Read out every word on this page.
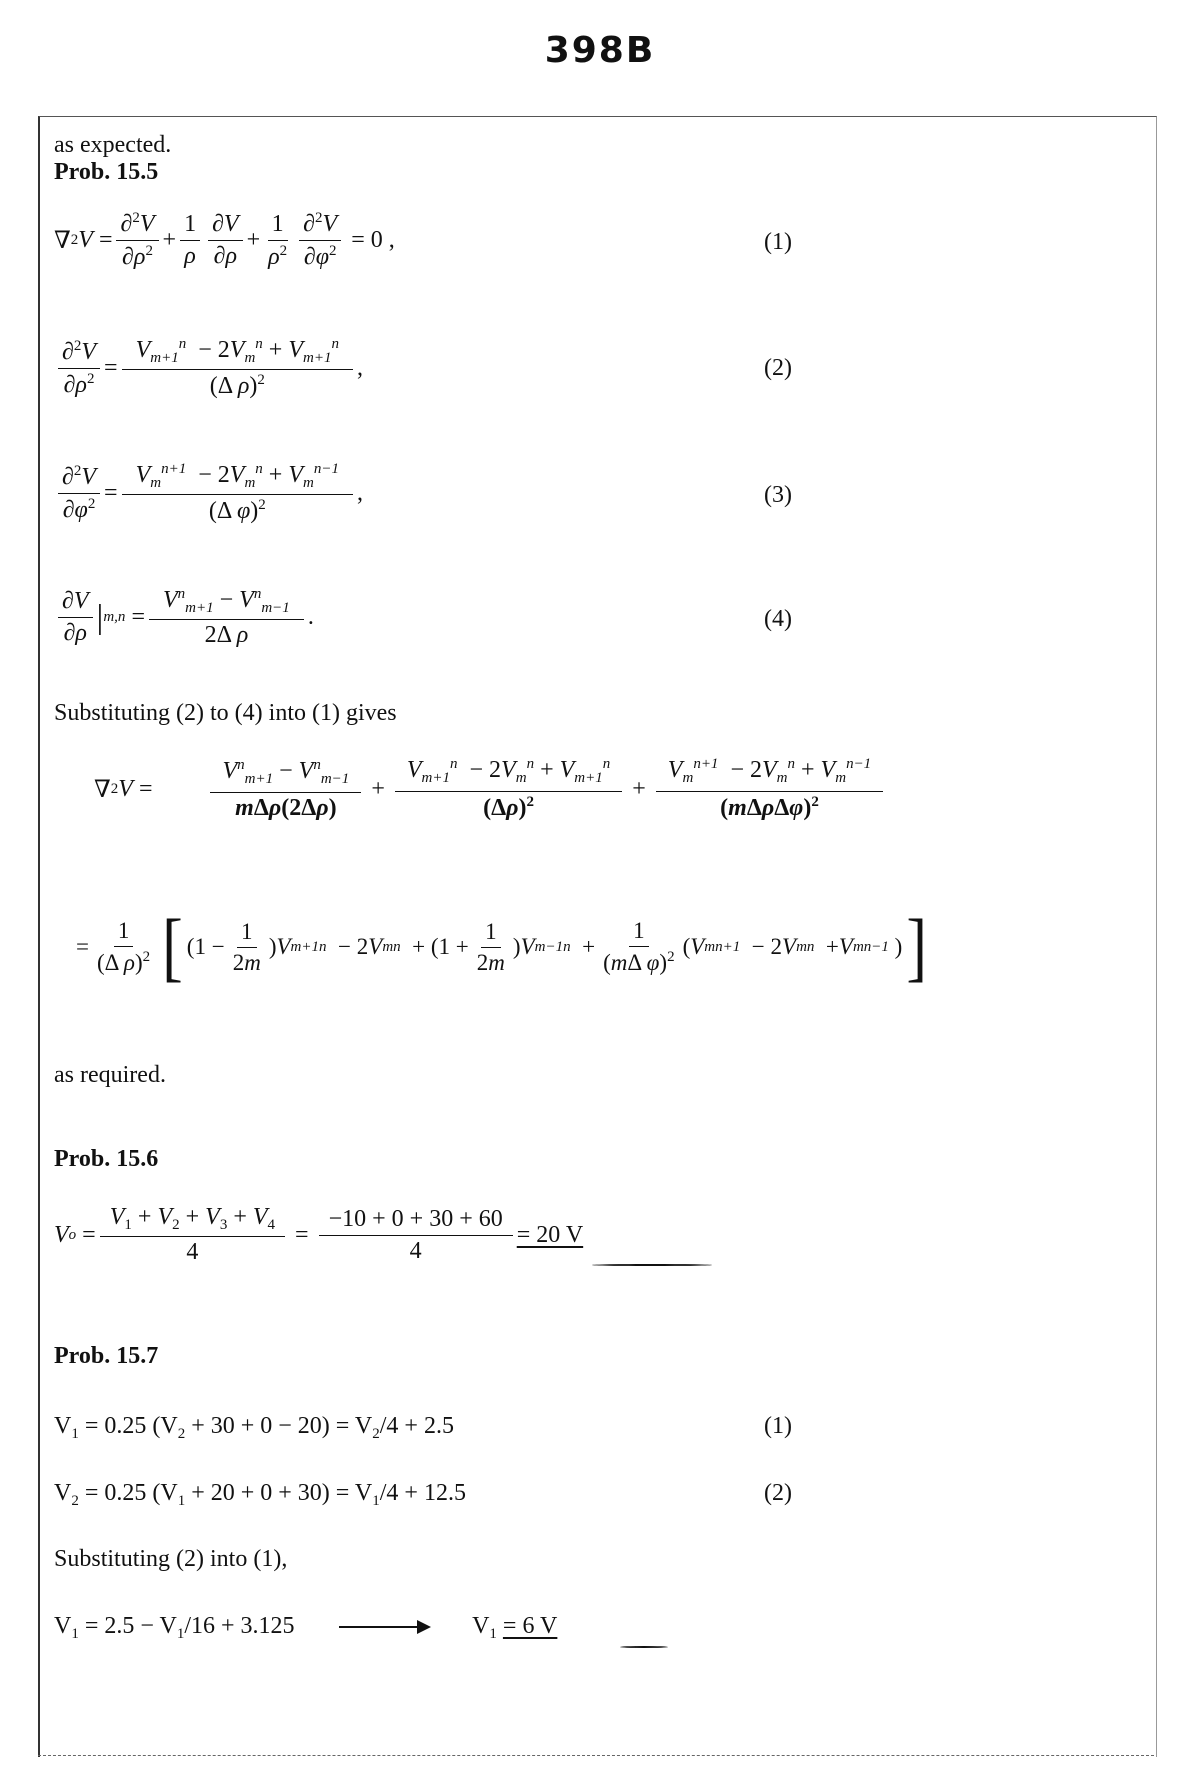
398B
as expected.
Prob. 15.5
∇ 2 $V = \frac{\partial^2V}{\partial\rho^2} + \frac{1}{\rho} \frac{\partial V}{\partial\rho} + \frac{1}{\rho^2} \frac{\partial^2V}{\partial\varphi^2} = 0$ ,	(1)
$\frac{\partial^2V}{\partial\rho^2} = \frac{V_{m+1}^n - 2V_m^n + V_{m+1}^n}{(\Delta \rho)^2}$ ,	(2)
$\frac{\partial^2V}{\partial\varphi^2} = \frac{V_m^{n+1} - 2V_m^n + V_m^{n-1}}{(\Delta \varphi)^2}$ ,	(3)
$\frac{\partial V}{\partial\rho}$ | $m,n = \frac{V^n_{m+1} - V^n_{m-1}}{\text{2Δ ρ}}$ .	(4)
Substituting (2) to (4) into (1) gives
∇ 2 $V = \frac{V^n_{m+1} - V^n_{m-1}}{\text{mΔρ(2Δρ)}} + \frac{V_{m+1}^n - 2V_m^n + V_{m+1}^n}{(\Delta\rho)^2} + \frac{V_m^{n+1} - 2V_m^n + V_m^{n-1}}{(m\Delta\rho\Delta\varphi)^2}$
= $\frac{1}{(\Delta \rho)^2}$ [ ($1 - \frac{1}{2m}$ ) V m+1 n − 2 V m $n + (1 + \frac{1}{2m}$ ) V m−1 $n + \frac{1}{(m\Delta \varphi)^2}$ ( V m n+1 − 2 V m n + V m n−1 ) ]
as required.
Prob. 15.6
V $o = \frac{V_1 + V_2 + V_3 + V_4}{4} = \frac{-10 + 0 + 30 + 60}{4} = 20$ V
Prob. 15.7
$V_1 = 0.25$ $(V_2 + 30 + 0 - 20) = V_2/4 + 2.5$	(1)
$V_2 = 0.25$ $(V_1 + 20 + 0 + 30) = V_1/4 + 12.5$	(2)
Substituting (2) into (1),
$V_1 = 2.5 - V_1/16 + 3.125$	$V_1 = 6$ V
